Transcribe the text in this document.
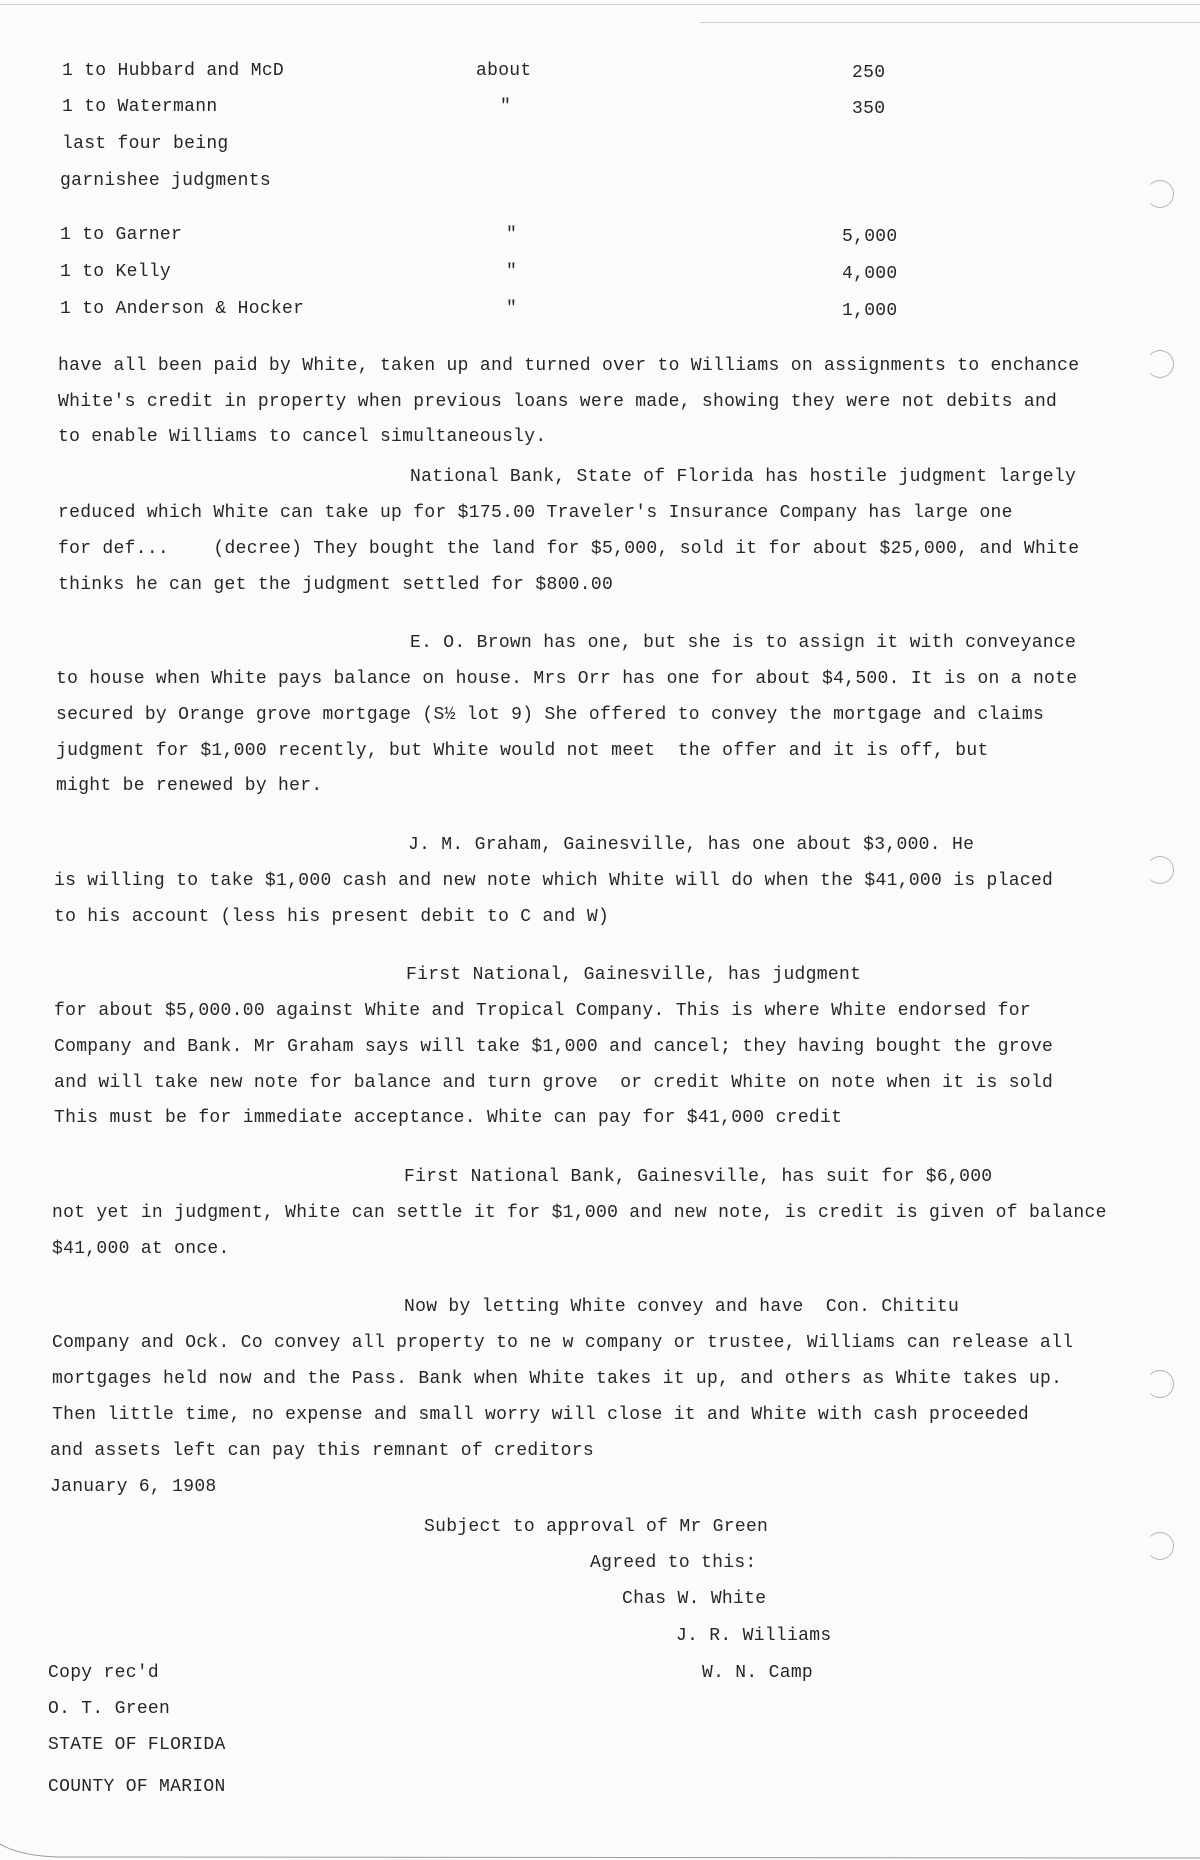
1 to Hubbard and McD	about	250
1 to Watermann	"	350
last four being
garnishee judgments
1 to Garner	"	5,000
1 to Kelly	"	4,000
1 to Anderson & Hocker	"	1,000
have all been paid by White, taken up and turned over to Williams on assignments to enchance
White's credit in property when previous loans were made, showing they were not debits and
to enable Williams to cancel simultaneously.
National Bank, State of Florida has hostile judgment largely
reduced which White can take up for $175.00 Traveler's Insurance Company has large one
for def...    (decree) They bought the land for $5,000, sold it for about $25,000, and White
thinks he can get the judgment settled for $800.00
E. O. Brown has one, but she is to assign it with conveyance
to house when White pays balance on house. Mrs Orr has one for about $4,500. It is on a note
secured by Orange grove mortgage (S½ lot 9) She offered to convey the mortgage and claims
judgment for $1,000 recently, but White would not meet  the offer and it is off, but
might be renewed by her.
J. M. Graham, Gainesville, has one about $3,000. He
is willing to take $1,000 cash and new note which White will do when the $41,000 is placed
to his account (less his present debit to C and W)
First National, Gainesville, has judgment
for about $5,000.00 against White and Tropical Company. This is where White endorsed for
Company and Bank. Mr Graham says will take $1,000 and cancel; they having bought the grove
and will take new note for balance and turn grove  or credit White on note when it is sold
This must be for immediate acceptance. White can pay for $41,000 credit
First National Bank, Gainesville, has suit for $6,000
not yet in judgment, White can settle it for $1,000 and new note, is credit is given of balance
$41,000 at once.
Now by letting White convey and have  Con. Chititu
Company and Ock. Co convey all property to ne w company or trustee, Williams can release all
mortgages held now and the Pass. Bank when White takes it up, and others as White takes up.
Then little time, no expense and small worry will close it and White with cash proceeded
and assets left can pay this remnant of creditors
January 6, 1908
Subject to approval of Mr Green
Agreed to this:
Chas W. White
J. R. Williams
W. N. Camp
Copy rec'd
O. T. Green
STATE OF FLORIDA
COUNTY OF MARION
